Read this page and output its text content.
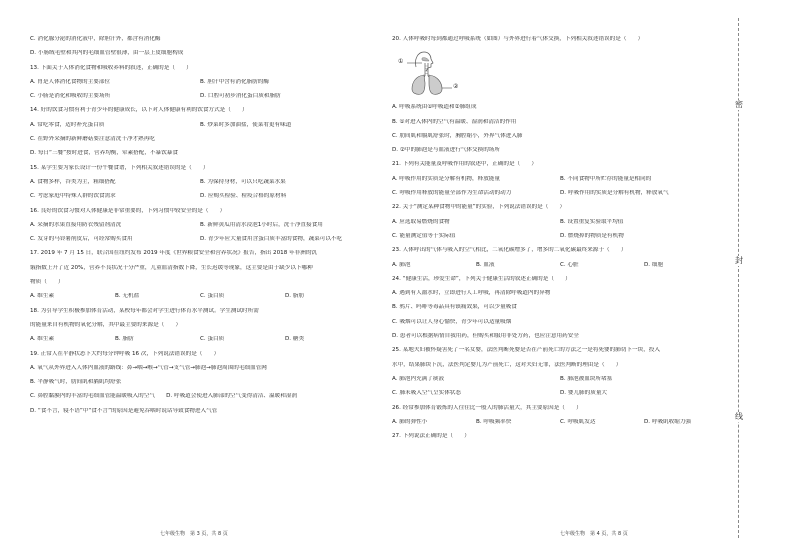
C. 消化腺分泌的消化液中，除胆汁外，都含有消化酶
D. 小肠绒毛壁和其内的毛细血管壁很薄，由一层上皮细胞构成
13. 下面关于人体消化食物和吸收养料的叙述，正确的是（　　）
A. 胃是人体消化食物的主要部位	B. 胆汁中含有消化脂肪的酶
C. 小肠是消化和吸收的主要场所	D. 口腔可初步消化蛋白质和脂肪
14. 好的饮食习惯有利于青少年的健康成长，以下对人体健康有利的饮食方式是（　　）
A. 常吃零食，适时补充蛋白质	B. 炒菜时多加油盐，使菜肴更有味道
C. 在野外采摘的新鲜蘑菇要注意清洗干净才熟再吃
D. 每日“三餐”按时进食，营养均衡，荤素搭配，不暴饮暴食
15. 某学生要为家长设计一份午餐食谱，下列相关叙述错误的是（　　）
A. 食物多样，谷类为主，粗细搭配	B. 为保持身材，可以只吃蔬菜水果
C. 考虑家庭中特殊人群的饮食需求	D. 应购买检验、检疫合格的原材料
16. 良好的饮食习惯对人体健康是非常重要的，下列习惯中较安全的是（　　）
A. 采摘的水果直接用防衣残留剂清洗	B. 新鲜黄瓜用清水浸泡1小时后，洗干净直接食用
C. 发芽的马铃薯削皮后，可经常购买食用	D. 青少年应大量食用含蛋白质丰富的食物，蔬菜可以不吃
17. 2019 年 7 月 15 日，联合国在纽约发布 2019 年度《世界粮食安全和营养状况》报告，指出 2018 年非洲的饥
饿指数上升了近 20%，营养不良状况十分严重，儿童血清指数下降，生长迟缓等现象，这主要是由于缺少以下哪种
物质（　　）
A. 维生素	B. 无机盐	C. 蛋白质	D. 脂肪
18. 为引导学生积极参加体育活动，某校每年都会对学生进行体育水平测试。学生测试时所需
的能量来自有机物的氧化分解，其中最主要的来源是（　　）
A. 维生素	B. 脂肪	C. 蛋白质	D. 糖类
19. 正常人在平静状态下大约每分钟呼吸 16 次，下列说法错误的是（　　）
A. 氧气从外界进入人体内血液的路线：鼻→咽→喉→气管→支气管→肺泡→肺泡周围的毛细血管网
B. 平静吸气时，肋间肌和膈肌均舒张
C. 鼻腔黏膜内的丰富的毛细血管能温暖吸入的空气　　D. 呼吸道会使进入肺部的空气变得清洁、温暖和湿润
D. “食不言，寝不语”中“食不言”的原因是避免吞咽时说话导致食物进入气管
20. 人体呼吸时每到都通过呼吸系统（如图）与外界进行着气体交换，下列相关叙述错误的是（　　）
①
②
A. 呼吸系统由①呼吸道和②肺组成
B. ①对进入体内的空气有温暖、湿润和清洁的作用
C. 肋间肌和膈肌舒张时，胸腔缩小，外界气体进入肺
D. ②中的肺泡是与血液进行气体交换的场所
21. 下列有关能量及呼吸作用的叙述中，正确的是（　　）
A. 呼吸作用的实质是分解有机物，释放能量	B. 不同食物中所贮存的能量是相同的
C. 呼吸作用释放的能量全部作为生命活动的动力	D. 呼吸作用的实质是分解有机物，释放氧气
22. 关于“测定某种食物中的能量”的实验，下列说法错误的是（　　）
A. 应选取易燃烧的食物	B. 设置重复实验取平均值
C. 能量测定值等于实际值	D. 燃烧掉的物质是有机物
23. 人体呼出的气体与吸入的空气相比，二氧化碳增多了，增多的二氧化碳最终来源于（　　）
A. 肺泡	B. 血液	C. 心脏	D. 细胞
24. “健康生活，珍爱生命”，下列关于健康生活的叙述正确的是（　　）
A. 遇到有人溺水时，立即进行人工呼吸，再清除呼吸道内的异物
B. 鸦片、吗啡等毒品具有镇痛效果，可以少量吸食
C. 吸烟可以让人身心愉快，青少年可以适量吸烟
D. 患者可以根据病情自我用药，但购买和服用非处方药，也应注意用药安全
25. 某地夫妇被怀疑害死了一名女婴，法医判断死婴是否在产前死亡的方法之一是将死婴的肺切下一块，投入
水中，结果肺块下沉，法医判定婴儿为产前死亡，这对夫妇无罪，法医判断的理由是（　　）
A. 肺泡内充满了痰液	B. 肺泡被血块所堵塞
C. 肺未吸入空气呈实体状态	D. 婴儿肺的质量大
26. 经常参加体育锻炼的人往往比一般人的肺活量大，其主要原因是（　　）
A. 肺的弹性小	B. 呼吸频率快	C. 呼吸肌发达	D. 呼吸肌收缩力强
27. 下列说法正确的是（　　）
七年级生物　第 3 页，共 8 页	七年级生物　第 4 页，共 8 页
密
封
线
